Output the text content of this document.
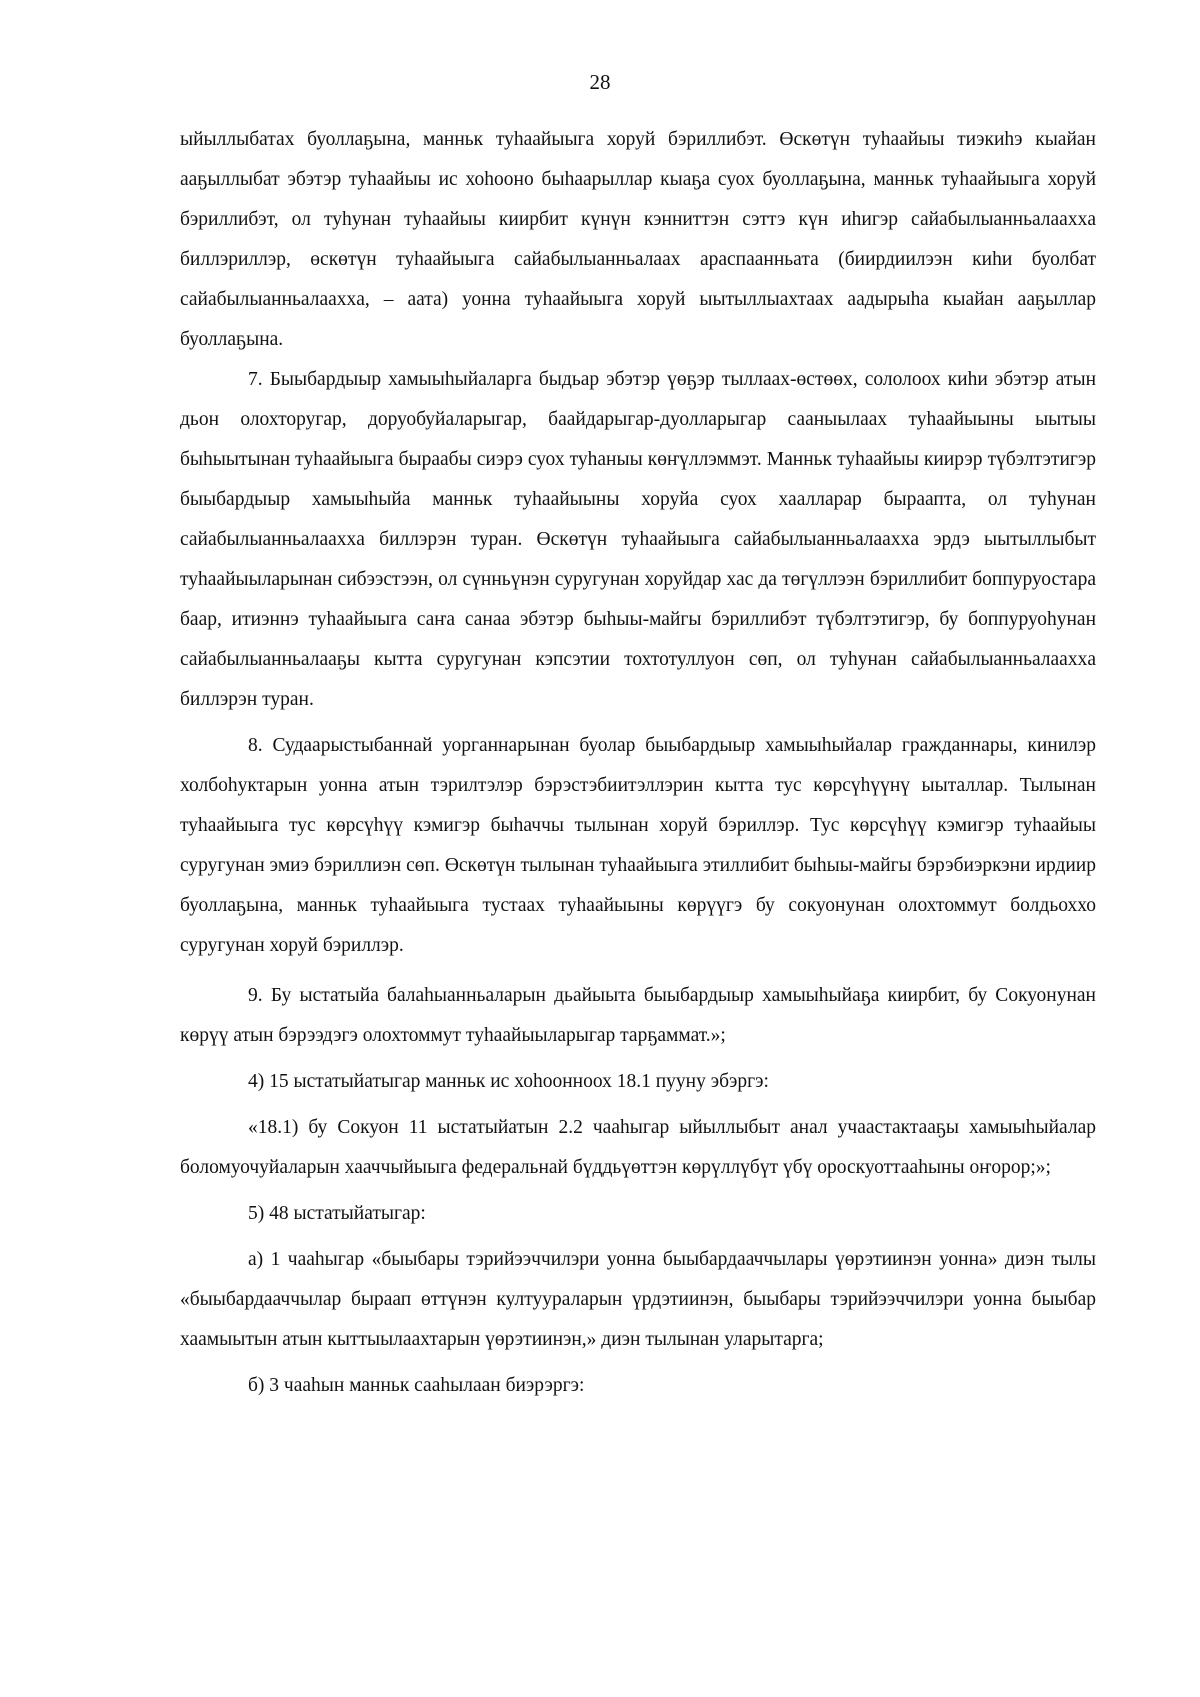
28

ыйыллыбатах буоллаҕына, манньк туһаайыыга хоруй бэриллибэт. Өскөтүн туһаайыы тиэкиһэ кыайан ааҕыллыбат эбэтэр туһаайыы ис хоһооно быһаарыллар кыаҕа суох буоллаҕына, манньк туһаайыыга хоруй бэриллибэт, ол туһунан туһаайыы киирбит күнүн кэнниттэн сэттэ күн иһигэр сайабылыанньалааххa биллэриллэр, өскөтүн туһаайыыга сайабылыанньалаах араспаанньата (биирдиилээн киһи буолбат сайабылыанньалааххa, – аата) уонна туһаайыыга хоруй ыытыллыахтаах аадырыһа кыайан ааҕыллар буоллаҕына.

7. Быыбардыыр хамыыһыйаларга быдьар эбэтэр үөҕэр тыллаах-өстөөх, сололоох киһи эбэтэр атын дьон олохторугар, доруобуйаларыгар, баайдарыгар-дуолларыгар сааныылаах туһаайыыны ыытыы быһыытынан туһаайыыга быраабы сиэрэ суох туһаныы көҥүллэммэт. Манньк туһаайыы киирэр түбэлтэтигэр быыбардыыр хамыыһыйа манньк туһаайыыны хоруйа суох хааллараp быраапта, ол туһунан сайабылыанньалааххa биллэрэн туран. Өскөтүн туһаайыыга сайабылыанньалааххa эрдэ ыытыллыбыт туһаайыыларынан сибээстээн, ол сүнньүнэн суругунан хоруйдар хас да төгүллээн бэриллибит боппуруостара баар, итиэннэ туһаайыыга саҥа санаа эбэтэр быһыы-майгы бэриллибэт түбэлтэтигэр, бу боппуруоһунан сайабылыанньалааҕы кытта суругунан кэпсэтии тохтотуллуон сөп, ол туһунан сайабылыанньалааххa биллэрэн туран.

8. Судаарыстыбаннай уорганнарынан буолар быыбардыыр хамыыһыйалар гражданнары, кинилэр холбоһуктарын уонна атын тэрилтэлэр бэрэстэбиитэллэрин кытта тус көрсүһүүнү ыыталлар. Тылынан туһаайыыга тус көрсүһүү кэмигэр быһаччы тылынан хоруй бэриллэр. Тус көрсүһүү кэмигэр туһаайыы суругунан эмиэ бэриллиэн сөп. Өскөтүн тылынан туһаайыыга этиллибит быһыы-майгы бэрэбиэркэни ирдиир буоллаҕына, манньк туһаайыыга тустаах туһаайыыны көрүүгэ бу сокуонунан олохтоммут болдьоххо суругунан хоруй бэриллэр.

9. Бу ыстатыйа балаһыанньаларын дьайыыта быыбардыыр хамыыһыйаҕа киирбит, бу Сокуонунан көрүү атын бэрээдэгэ олохтоммут туһаайыыларыгар тарҕаммат.»;

4) 15 ыстатыйатыгар манньк ис хоһоонноох 18.1 пууну эбэргэ:

«18.1) бу Сокуон 11 ыстатыйатын 2.2 чааһыгар ыйыллыбыт анал учаастактааҕы хамыыһыйалар боломуочуйаларын хааччыйыыга федеральнай бүддьүөттэн көрүллүбүт үбү ороскуоттааһыны оҥорор;»;

5) 48 ыстатыйатыгар:

а) 1 чааһыгар «быыбары тэрийээччилэри уонна быыбардааччылары үөрэтиинэн уонна» диэн тылы «быыбардааччылар быраап өттүнэн култуураларын үрдэтиинэн, быыбары тэрийээччилэри уонна быыбар хаамыытын атын кыттыылаахтарын үөрэтиинэн,» диэн тылынан уларытарга;

б) 3 чааһын манньк сааһылаан биэрэргэ:
